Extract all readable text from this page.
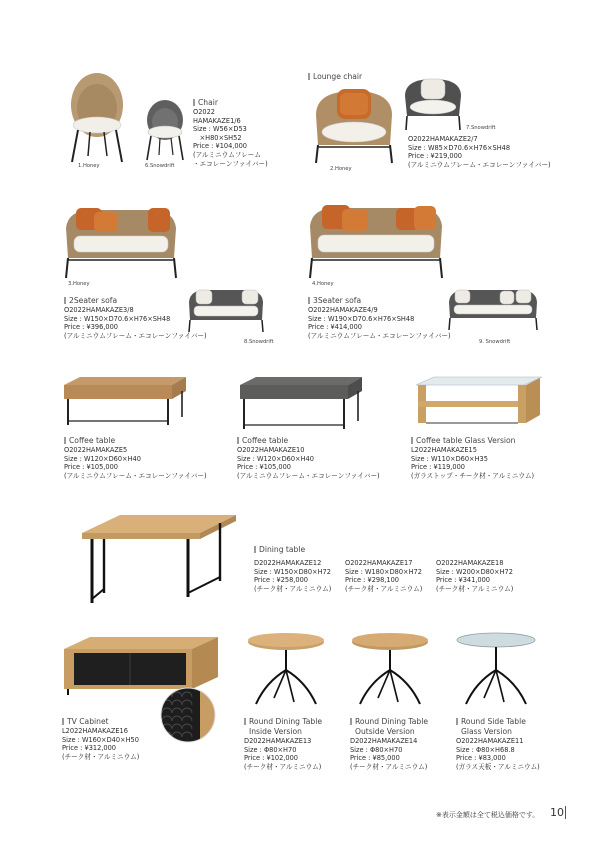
1.Honey	6.Snowdrift
Chair
O2022
HAMAKAZE1/6
Size : W56×D53
　×H80×SH52
Price : ¥104,000
(アルミニウムフレーム
・エコレーンファイバー)
Lounge chair
2.Honey
7.Snowdrift
O2022HAMAKAZE2/7
Size : W85×D70.6×H76×SH48
Price : ¥219,000
(アルミニウムフレーム・エコレーンファイバー)
3.Honey
8.Snowdrift
2Seater sofa
O2022HAMAKAZE3/8
Size : W150×D70.6×H76×SH48
Price : ¥396,000
(アルミニウムフレーム・エコレーンファイバー)
4.Honey
9. Snowdrift
3Seater sofa
O2022HAMAKAZE4/9
Size : W190×D70.6×H76×SH48
Price : ¥414,000
(アルミニウムフレーム・エコレーンファイバー)
Coffee table
O2022HAMAKAZE5
Size : W120×D60×H40
Price : ¥105,000
(アルミニウムフレーム・エコレーンファイバー)
Coffee table
O2022HAMAKAZE10
Size : W120×D60×H40
Price : ¥105,000
(アルミニウムフレーム・エコレーンファイバー)
Coffee table Glass Version
L2022HAMAKAZE15
Size : W110×D60×H35
Price : ¥119,000
(ガラストップ・チーク材・アルミニウム)
Dining table
D2022HAMAKAZE12
Size : W150×D80×H72
Price : ¥258,000
(チーク材・アルミニウム)
O2022HAMAKAZE17
Size : W180×D80×H72
Price : ¥298,100
(チーク材・アルミニウム)
O2022HAMAKAZE18
Size : W200×D80×H72
Price : ¥341,000
(チーク材・アルミニウム)
TV Cabinet
L2022HAMAKAZE16
Size : W160×D40×H50
Price : ¥312,000
(チーク材・アルミニウム)
Round Dining Table
Inside Version
D2022HAMAKAZE13
Size : Φ80×H70
Price : ¥102,000
(チーク材・アルミニウム)
Round Dining Table
Outside Version
D2022HAMAKAZE14
Size : Φ80×H70
Price : ¥85,000
(チーク材・アルミニウム)
Round Side Table
Glass Version
O2022HAMAKAZE11
Size : Φ80×H68.8
Price : ¥83,000
(ガラス天板・アルミニウム)
※表示金額は全て税込価格です。 10
